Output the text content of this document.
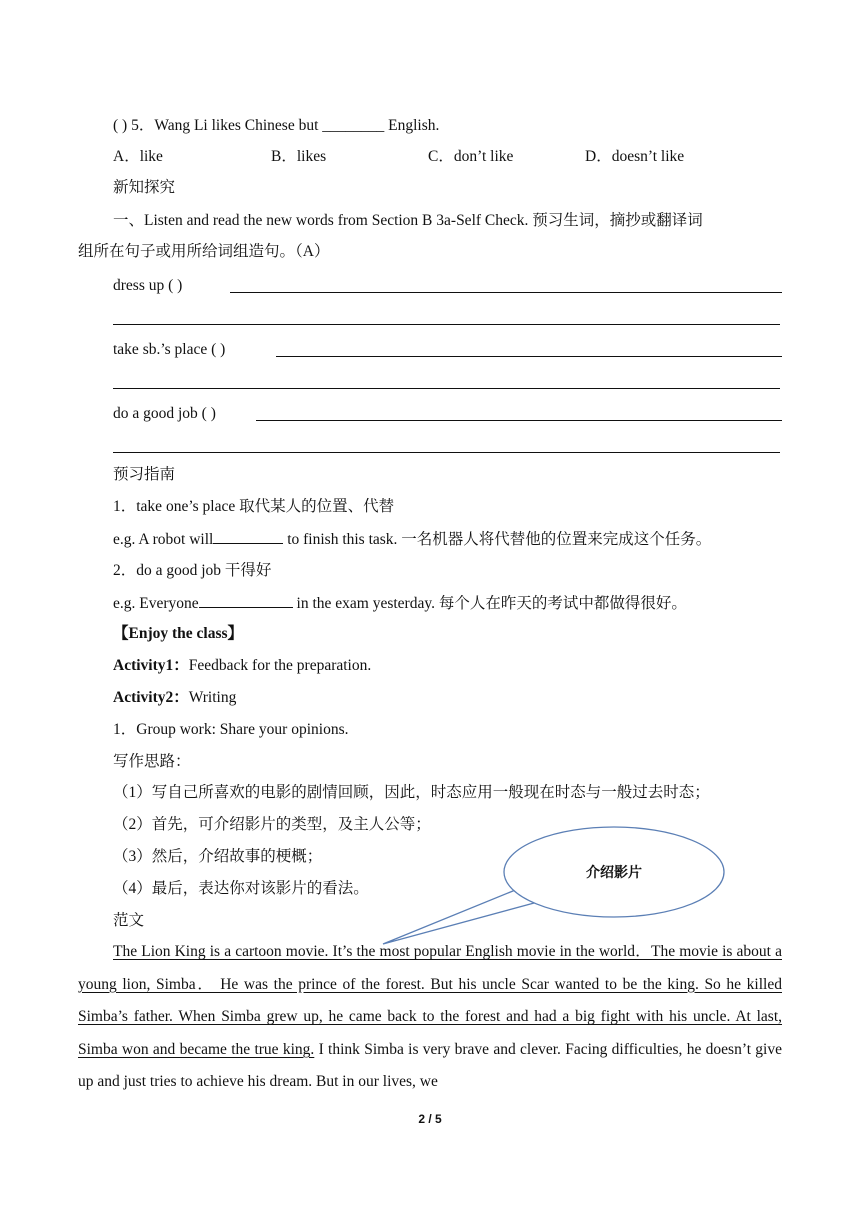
( ) 5．Wang Li likes Chinese but ________ English.
A．like	B．likes	C．don’t like	D．doesn’t like
新知探究
一、Listen and read the new words from Section B 3a-Self Check. 预习生词，摘抄或翻译词
组所在句子或用所给词组造句。（A）
dress up ( )
take sb.’s place ( )
do a good job ( )
预习指南
1．take one’s place 取代某人的位置、代替
e.g. A robot will	to finish this task. 一名机器人将代替他的位置来完成这个任务。
2．do a good job 干得好
e.g. Everyone	in the exam yesterday. 每个人在昨天的考试中都做得很好。
【Enjoy the class】
Activity1：Feedback for the preparation.
Activity2：Writing
1．Group work: Share your opinions.
写作思路：
（1）写自己所喜欢的电影的剧情回顾，因此，时态应用一般现在时态与一般过去时态；
（2）首先，可介绍影片的类型，及主人公等；
（3）然后，介绍故事的梗概；
（4）最后，表达你对该影片的看法。
范文
介绍影片
The Lion King is a cartoon movie. It’s the most popular English movie in the world．The movie is about a young lion, Simba． He was the prince of the forest. But his uncle Scar wanted to be the king. So he killed Simba’s father. When Simba grew up, he came back to the forest and had a big fight with his uncle. At last, Simba won and became the true king. I think Simba is very brave and clever. Facing difficulties, he doesn’t give up and just tries to achieve his dream. But in our lives, we
2 / 5
